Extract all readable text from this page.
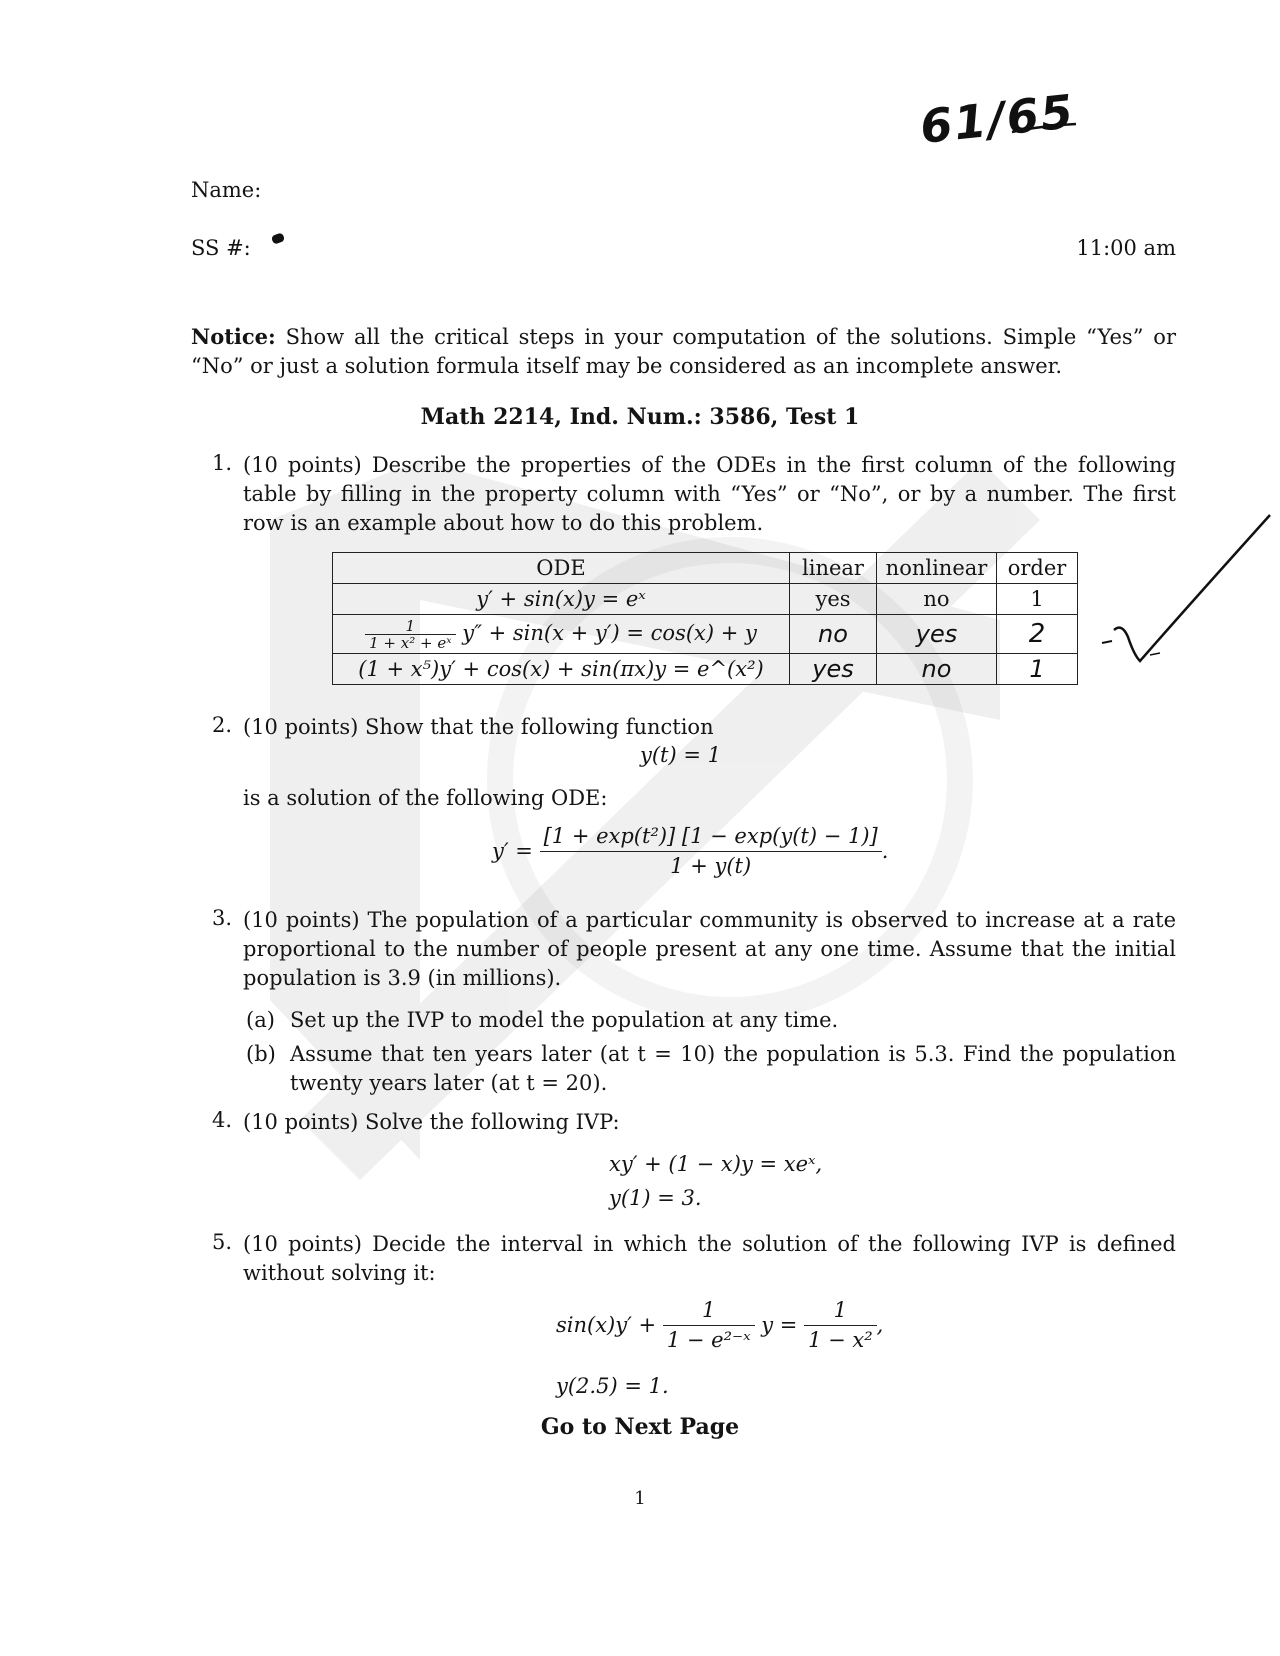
61/65
Name:
SS #:	11:00 am
Notice: Show all the critical steps in your computation of the solutions. Simple “Yes” or “No” or just a solution formula itself may be considered as an incomplete answer.
Math 2214, Ind. Num.: 3586, Test 1
1. (10 points) Describe the properties of the ODEs in the first column of the following table by filling in the property column with “Yes” or “No”, or by a number. The first row is an example about how to do this problem.
ODE	linear	nonlinear	order
y′ + sin(x)y = eˣ	yes	no	1

$\frac{1}{\text{1 + x² + eˣ}} y'' + \sin(x + y') = \cos(x) + y$	no	yes	2
(1 + x⁵)y′ + cos(x) + sin(πx)y = e^(x²)	yes	no	1
2. (10 points) Show that the following function
y(t) = 1
is a solution of the following ODE:
$y' = \frac{\text{[1 + exp(t²)] [1 − exp(y(t) − 1)]}}{1 + y(t)}$ .
3. (10 points) The population of a particular community is observed to increase at a rate proportional to the number of people present at any one time. Assume that the initial population is 3.9 (in millions).
(a) Set up the IVP to model the population at any time.
(b) Assume that ten years later (at t = 10) the population is 5.3. Find the population twenty years later (at t = 20).
4. (10 points) Solve the following IVP:
xy′ + (1 − x)y = xeˣ,
y(1) = 3.
5. (10 points) Decide the interval in which the solution of the following IVP is defined without solving it:
$\sin(x)y' + \frac{1}{\text{1 − e²⁻ˣ}}$ $y = \frac{1}{\text{1 − x²}}$ ,
y(2.5) = 1.
Go to Next Page
1
